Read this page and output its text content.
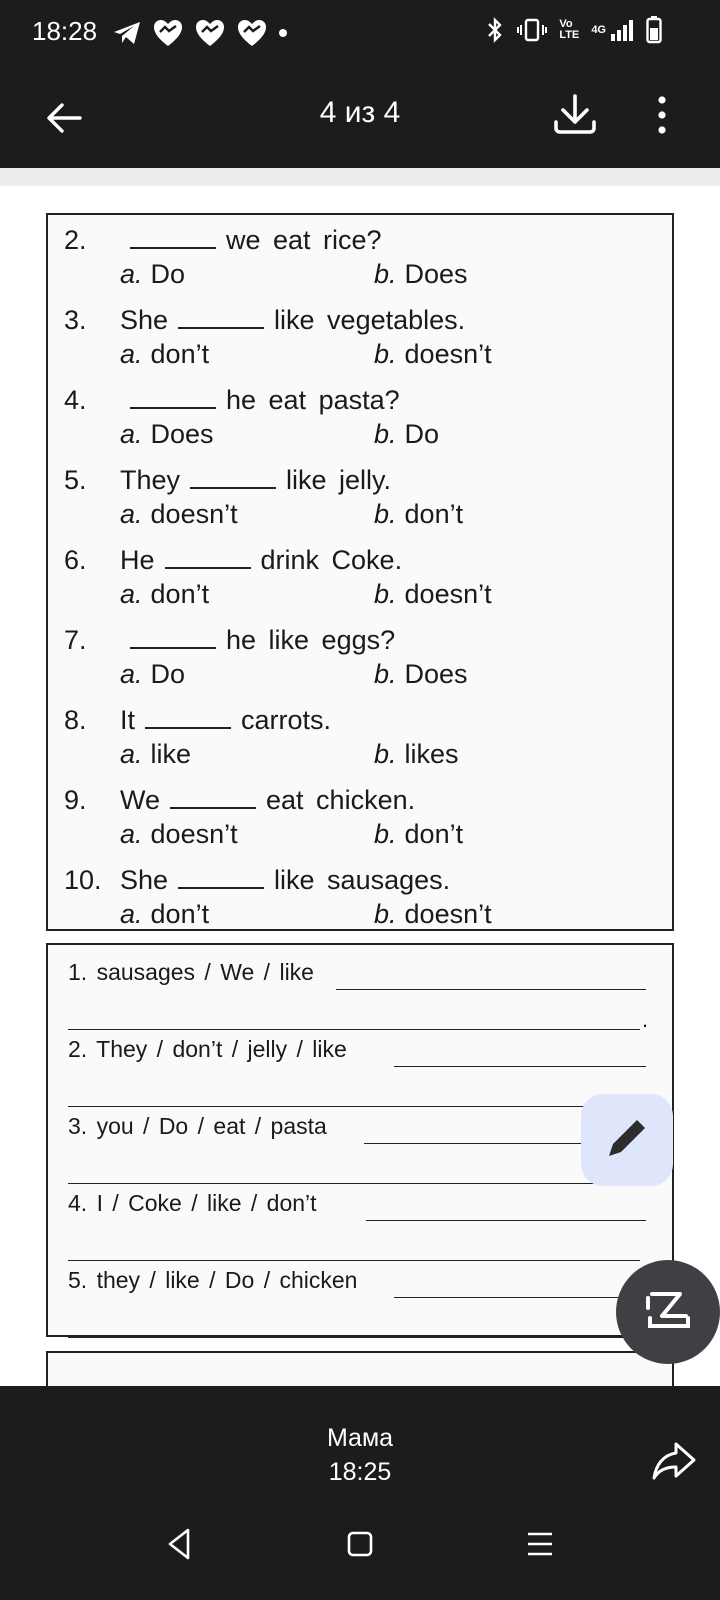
18:28	Vo LTE 4G
4 из 4
2.	we eat rice?
a. Do	b. Does
3. She	like vegetables.
a. don’t	b. doesn’t
4.	he eat pasta?
a. Does	b. Do
5. They	like jelly.
a. doesn’t	b. don’t
6. He	drink Coke.
a. don’t	b. doesn’t
7.	he like eggs?
a. Do	b. Does
8. It	carrots.
a. like	b. likes
9. We	eat chicken.
a. doesn’t	b. don’t
10. She	like sausages.
a. don’t	b. doesn’t
1. sausages / We / like
.
2. They / don’t / jelly / like
3. you / Do / eat / pasta
4. I / Coke / like / don’t
5. they / like / Do / chicken
Мама
18:25
